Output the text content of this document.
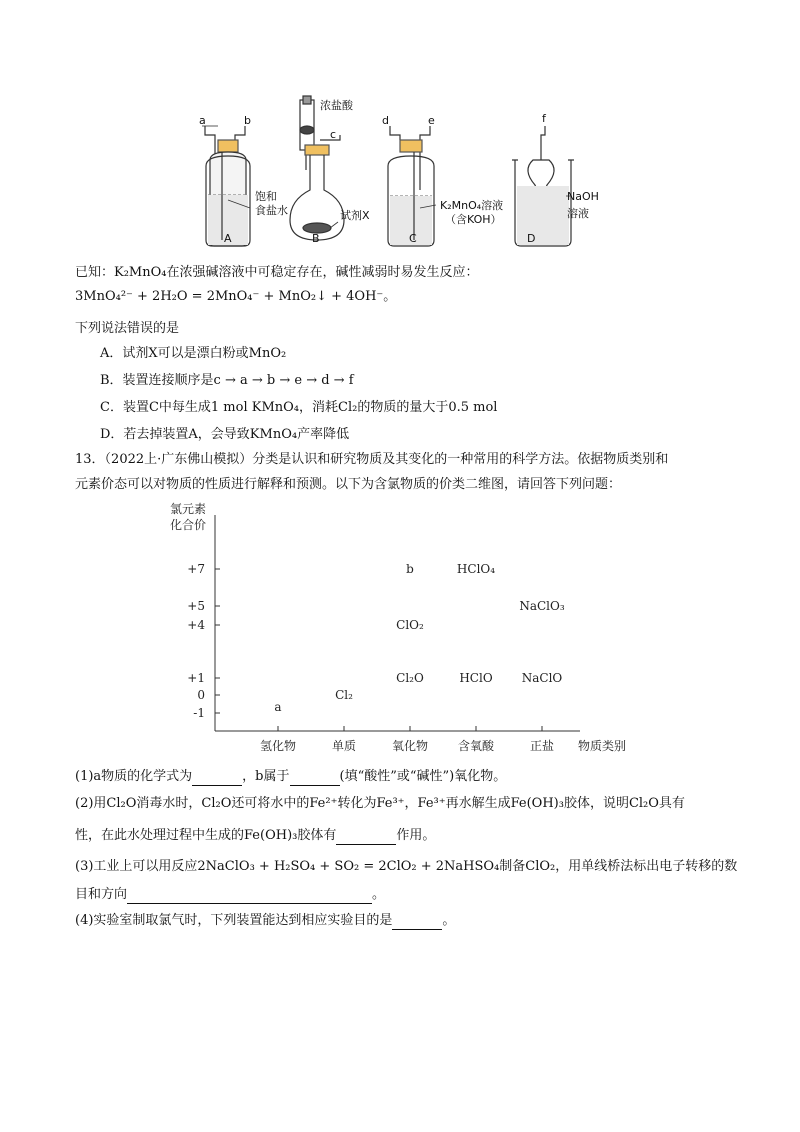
a	b
饱和
食盐水
A
浓盐酸
c
试剂X
B
d	e
K₂MnO₄溶液
（含KOH）
C
f
NaOH
溶液
D
已知：K₂MnO₄在浓强碱溶液中可稳定存在，碱性减弱时易发生反应：
3MnO₄²⁻ + 2H₂O = 2MnO₄⁻ + MnO₂↓ + 4OH⁻。
下列说法错误的是
A．试剂X可以是漂白粉或MnO₂
B．装置连接顺序是c → a → b → e → d → f
C．装置C中每生成1 mol KMnO₄，消耗Cl₂的物质的量大于0.5 mol
D．若去掉装置A，会导致KMnO₄产率降低
13．（2022上·广东佛山模拟）分类是认识和研究物质及其变化的一种常用的科学方法。依据物质类别和
元素价态可以对物质的性质进行解释和预测。以下为含氯物质的价类二维图，请回答下列问题：
氯元素
化合价
+7
+5
+4
+1
0
-1
氢化物	单质	氧化物 含氧酸	正盐 物质类别
a
Cl₂
b
ClO₂
Cl₂O
HClO₄
HClO
NaClO₃
NaClO
(1)a物质的化学式为	，b属于	(填“酸性”或“碱性”)氧化物。
(2)用Cl₂O消毒水时，Cl₂O还可将水中的Fe²⁺转化为Fe³⁺，Fe³⁺再水解生成Fe(OH)₃胶体，说明Cl₂O具有
性，在此水处理过程中生成的Fe(OH)₃胶体有	作用。
(3)工业上可以用反应2NaClO₃ + H₂SO₄ + SO₂ = 2ClO₂ + 2NaHSO₄制备ClO₂，用单线桥法标出电子转移的数
目和方向	。
(4)实验室制取氯气时，下列装置能达到相应实验目的是	。
